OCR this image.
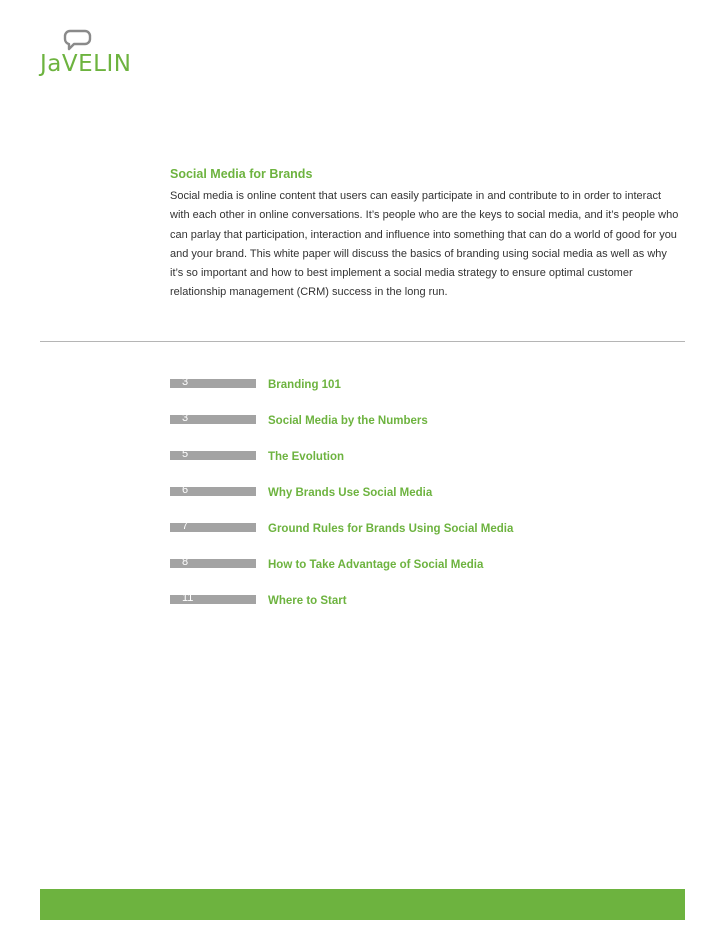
JaVELIN
Social Media for Brands

Social media is online content that users can easily participate in and contribute to in order to interact with each other in online conversations. It’s people who are the keys to social media, and it’s people who can parlay that participation, interaction and influence into something that can do a world of good for you and your brand. This white paper will discuss the basics of branding using social media as well as why it’s so important and how to best implement a social media strategy to ensure optimal customer relationship management (CRM) success in the long run.

3	Branding 101
3	Social Media by the Numbers
5	The Evolution
6	Why Brands Use Social Media
7	Ground Rules for Brands Using Social Media
8	How to Take Advantage of Social Media
11	Where to Start
